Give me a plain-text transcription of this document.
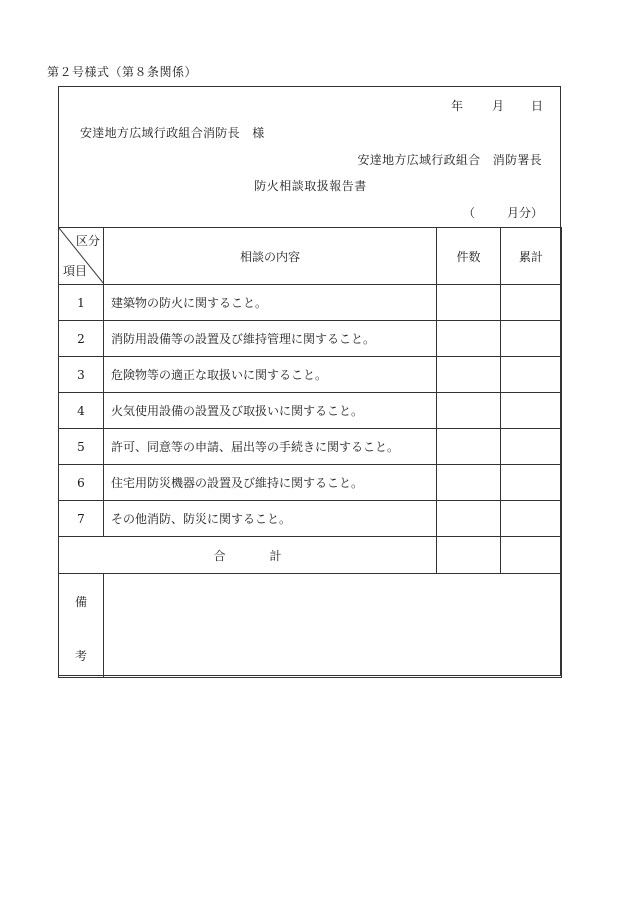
第２号様式（第８条関係）
年 月 日
安達地方広域行政組合消防長　様
安達地方広域行政組合　消防署長
防火相談取扱報告書
（	月分）
区分
項目	相談の内容	件数	累計
1	建築物の防火に関すること。		
2	消防用設備等の設置及び維持管理に関すること。		
3	危険物等の適正な取扱いに関すること。		
4	火気使用設備の設置及び取扱いに関すること。		
5	許可、同意等の申請、届出等の手続きに関すること。		
6	住宅用防災機器の設置及び維持に関すること。		
7	その他消防、防災に関すること。		
合 計			

備
考			
